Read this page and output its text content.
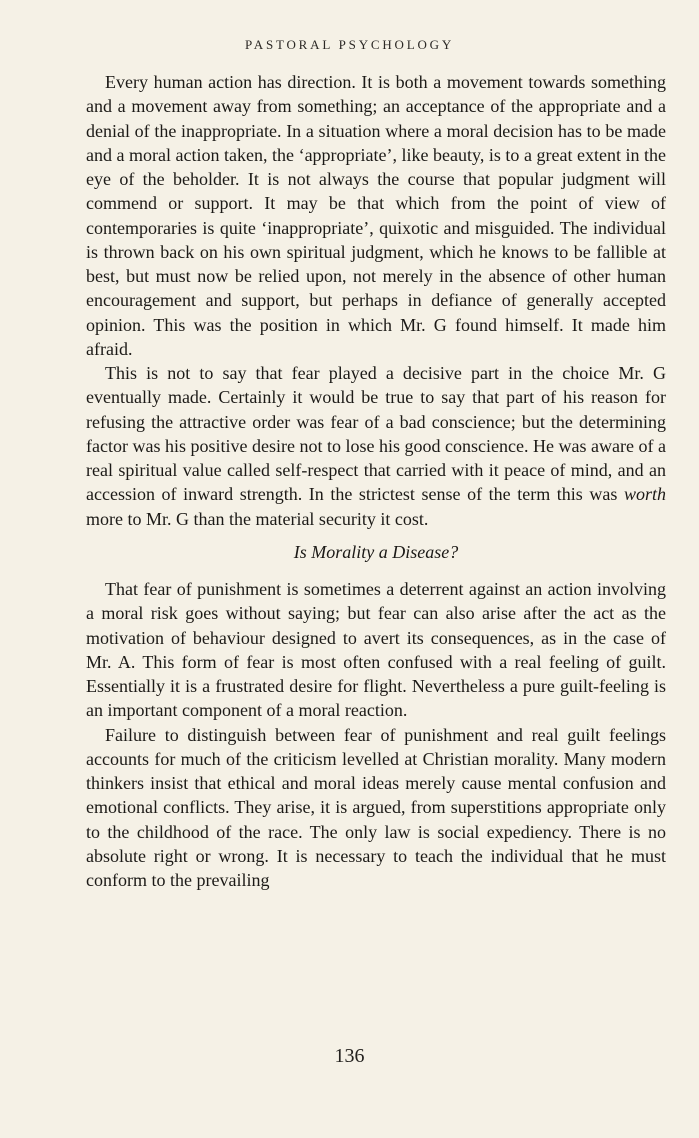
PASTORAL PSYCHOLOGY

Every human action has direction. It is both a movement towards something and a movement away from something; an acceptance of the appropriate and a denial of the inappropriate. In a situation where a moral decision has to be made and a moral action taken, the ‘appropriate’, like beauty, is to a great extent in the eye of the beholder. It is not always the course that popular judgment will commend or support. It may be that which from the point of view of contemporaries is quite ‘inappropriate’, quixotic and misguided. The individual is thrown back on his own spiritual judgment, which he knows to be fallible at best, but must now be relied upon, not merely in the absence of other human encouragement and support, but perhaps in defiance of generally accepted opinion. This was the position in which Mr. G found himself. It made him afraid.

This is not to say that fear played a decisive part in the choice Mr. G eventually made. Certainly it would be true to say that part of his reason for refusing the attractive order was fear of a bad conscience; but the determining factor was his positive desire not to lose his good conscience. He was aware of a real spiritual value called self-respect that carried with it peace of mind, and an accession of inward strength. In the strictest sense of the term this was worth more to Mr. G than the material security it cost.

Is Morality a Disease?

That fear of punishment is sometimes a deterrent against an action involving a moral risk goes without saying; but fear can also arise after the act as the motivation of behaviour designed to avert its consequences, as in the case of Mr. A. This form of fear is most often confused with a real feeling of guilt. Essentially it is a frustrated desire for flight. Nevertheless a pure guilt-feeling is an important component of a moral reaction.

Failure to distinguish between fear of punishment and real guilt feelings accounts for much of the criticism levelled at Christian morality. Many modern thinkers insist that ethical and moral ideas merely cause mental confusion and emotional conflicts. They arise, it is argued, from superstitions appropriate only to the childhood of the race. The only law is social expediency. There is no absolute right or wrong. It is necessary to teach the individual that he must conform to the prevailing

136
